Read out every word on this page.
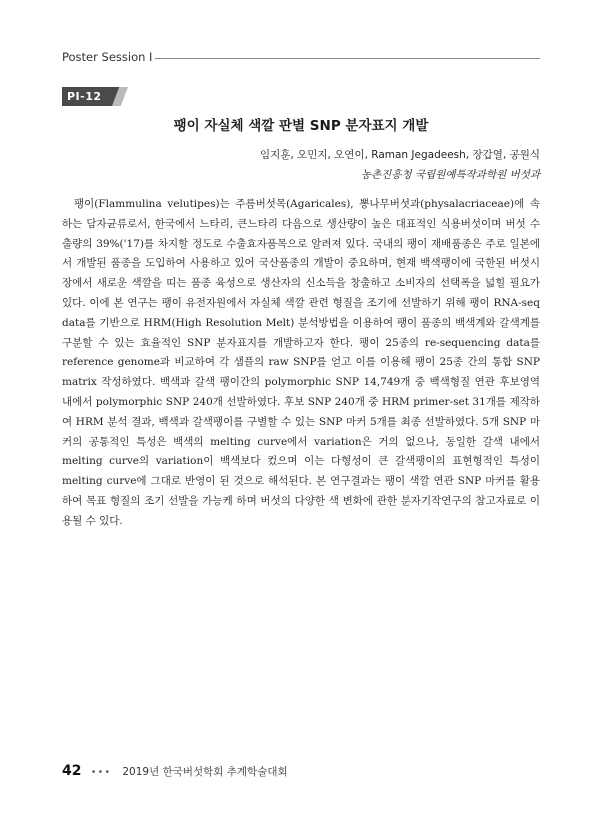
Poster Session Ⅰ
PⅠ-12
팽이 자실체 색깔 판별 SNP 분자표지 개발
임지훈, 오민지, 오연이, Raman Jegadeesh, 장갑열, 공원식
농촌진흥청 국립원예특작과학원 버섯과

팽이(Flammulina velutipes)는 주름버섯목(Agaricales), 뽕나무버섯과(physalacriaceae)에 속하는 담자균류로서, 한국에서 느타리, 큰느타리 다음으로 생산량이 높은 대표적인 식용버섯이며 버섯 수출량의 39%('17)를 차지할 정도로 수출효자품목으로 알려져 있다. 국내의 팽이 재배품종은 주로 일본에서 개발된 품종을 도입하여 사용하고 있어 국산품종의 개발이 중요하며, 현재 백색팽이에 국한된 버섯시장에서 새로운 색깔을 띠는 품종 육성으로 생산자의 신소득을 창출하고 소비자의 선택폭을 넓힐 필요가 있다. 이에 본 연구는 팽이 유전자원에서 자실체 색깔 관련 형질을 조기에 선발하기 위해 팽이 RNA-seq data를 기반으로 HRM(High Resolution Melt) 분석방법을 이용하여 팽이 품종의 백색계와 갈색계를 구분할 수 있는 효율적인 SNP 분자표지를 개발하고자 한다. 팽이 25종의 re-sequencing data를 reference genome과 비교하여 각 샘플의 raw SNP를 얻고 이를 이용해 팽이 25종 간의 통합 SNP matrix 작성하였다. 백색과 갈색 팽이간의 polymorphic SNP 14,749개 중 백색형질 연관 후보영역 내에서 polymorphic SNP 240개 선발하였다. 후보 SNP 240개 중 HRM primer-set 31개를 제작하여 HRM 분석 결과, 백색과 갈색팽이를 구별할 수 있는 SNP 마커 5개를 최종 선발하였다. 5개 SNP 마커의 공통적인 특성은 백색의 melting curve에서 variation은 거의 없으나, 동일한 갈색 내에서 melting curve의 variation이 백색보다 컸으며 이는 다형성이 큰 갈색팽이의 표현형적인 특성이 melting curve에 그대로 반영이 된 것으로 해석된다. 본 연구결과는 팽이 색깔 연관 SNP 마커를 활용하여 목표 형질의 조기 선발을 가능케 하며 버섯의 다양한 색 변화에 관한 분자기작연구의 참고자료로 이용될 수 있다.

42 ••• 2019년 한국버섯학회 추계학술대회
